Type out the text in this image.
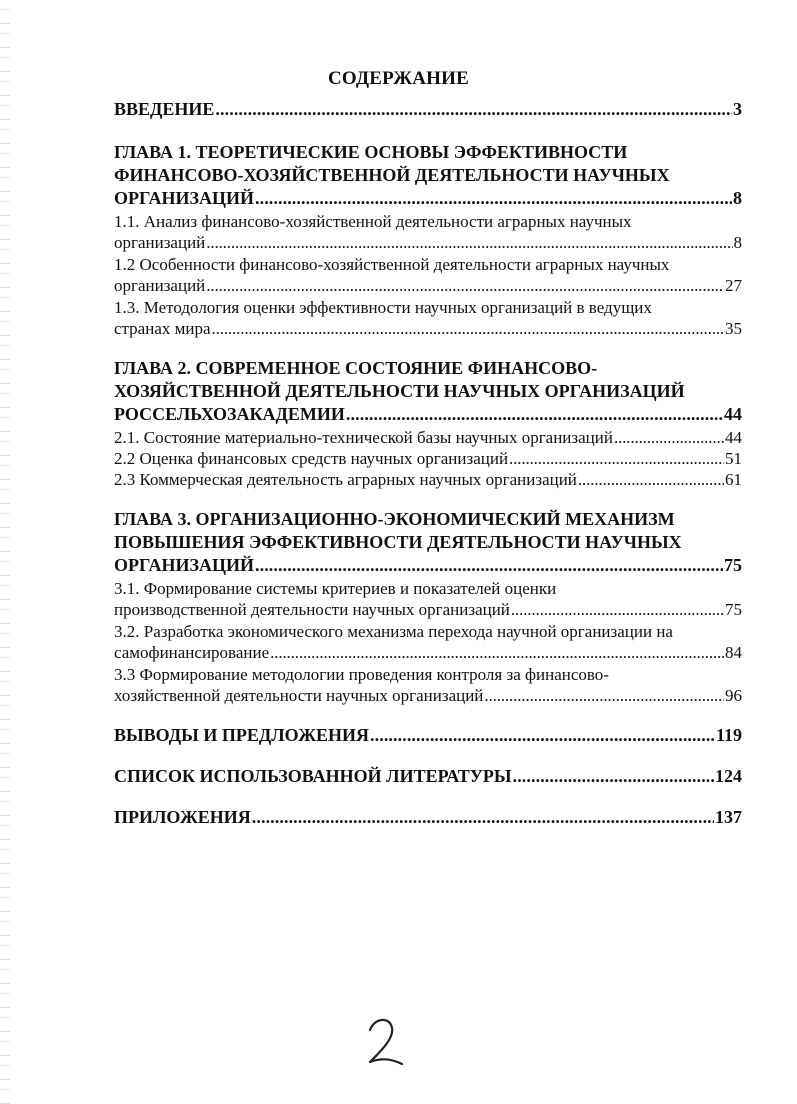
СОДЕРЖАНИЕ
ВВЕДЕНИЕ . . .	3
ГЛАВА 1. ТЕОРЕТИЧЕСКИЕ ОСНОВЫ ЭФФЕКТИВНОСТИ
ФИНАНСОВО-ХОЗЯЙСТВЕННОЙ ДЕЯТЕЛЬНОСТИ НАУЧНЫХ
ОРГАНИЗАЦИЙ . . .	8
1.1. Анализ финансово-хозяйственной деятельности аграрных научных
организаций . . .	8
1.2 Особенности финансово-хозяйственной деятельности аграрных научных
организаций . . .	27
1.3. Методология оценки эффективности научных организаций в ведущих
странах мира . . .	35
ГЛАВА 2. СОВРЕМЕННОЕ СОСТОЯНИЕ ФИНАНСОВО-
ХОЗЯЙСТВЕННОЙ ДЕЯТЕЛЬНОСТИ НАУЧНЫХ ОРГАНИЗАЦИЙ
РОССЕЛЬХОЗАКАДЕМИИ . . .	44
2.1. Состояние материально-технической базы научных организаций . . .	44
2.2 Оценка финансовых средств научных организаций . . .	51
2.3 Коммерческая деятельность аграрных научных организаций . . .	61
ГЛАВА 3. ОРГАНИЗАЦИОННО-ЭКОНОМИЧЕСКИЙ МЕХАНИЗМ
ПОВЫШЕНИЯ ЭФФЕКТИВНОСТИ ДЕЯТЕЛЬНОСТИ НАУЧНЫХ
ОРГАНИЗАЦИЙ . . .	75
3.1. Формирование системы критериев и показателей оценки
производственной деятельности научных организаций . . .	75
3.2. Разработка экономического механизма перехода научной организации на
самофинансирование . . .	84
3.3 Формирование методологии проведения контроля за финансово-
хозяйственной деятельности научных организаций . . .	96
ВЫВОДЫ И ПРЕДЛОЖЕНИЯ . . .	119
СПИСОК ИСПОЛЬЗОВАННОЙ ЛИТЕРАТУРЫ . . .	124
ПРИЛОЖЕНИЯ . . .	137
